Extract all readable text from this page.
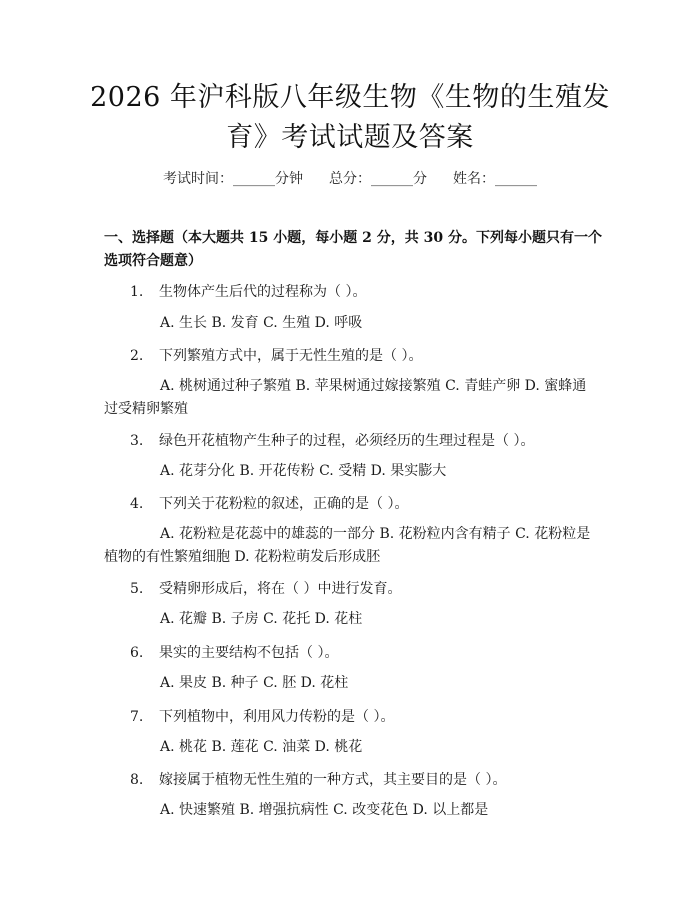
2026 年沪科版八年级生物《生物的生殖发
育》考试试题及答案
考试时间：______分钟 总分：______分 姓名：______
一、选择题（本大题共 15 小题，每小题 2 分，共 30 分。下列每小题只有一个选项符合题意）
1. 生物体产生后代的过程称为（ ）。
A. 生长 B. 发育 C. 生殖 D. 呼吸
2. 下列繁殖方式中，属于无性生殖的是（ ）。
A. 桃树通过种子繁殖 B. 苹果树通过嫁接繁殖 C. 青蛙产卵 D. 蜜蜂通过受精卵繁殖
3. 绿色开花植物产生种子的过程，必须经历的生理过程是（ ）。
A. 花芽分化 B. 开花传粉 C. 受精 D. 果实膨大
4. 下列关于花粉粒的叙述，正确的是（ ）。
A. 花粉粒是花蕊中的雄蕊的一部分 B. 花粉粒内含有精子 C. 花粉粒是植物的有性繁殖细胞 D. 花粉粒萌发后形成胚
5. 受精卵形成后，将在（ ）中进行发育。
A. 花瓣 B. 子房 C. 花托 D. 花柱
6. 果实的主要结构不包括（ ）。
A. 果皮 B. 种子 C. 胚 D. 花柱
7. 下列植物中，利用风力传粉的是（ ）。
A. 桃花 B. 莲花 C. 油菜 D. 桃花
8. 嫁接属于植物无性生殖的一种方式，其主要目的是（ ）。
A. 快速繁殖 B. 增强抗病性 C. 改变花色 D. 以上都是
